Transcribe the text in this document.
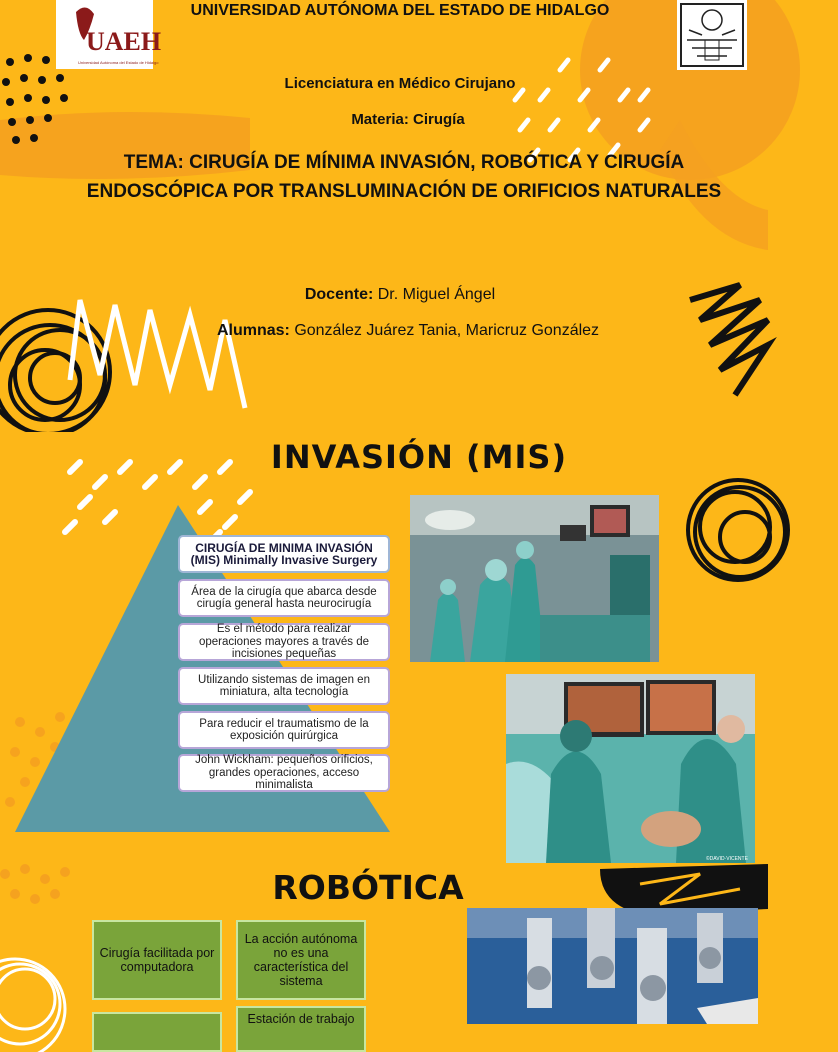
UAEH
Universidad Autónoma del Estado de Hidalgo
UNIVERSIDAD AUTÓNOMA DEL ESTADO DE HIDALGO
Licenciatura en Médico Cirujano
Materia: Cirugía
TEMA: CIRUGÍA DE MÍNIMA INVASIÓN, ROBÓTICA Y CIRUGÍA ENDOSCÓPICA POR TRANSLUMINACIÓN DE ORIFICIOS NATURALES
Docente: Dr. Miguel Ángel
Alumnas: González Juárez Tania, Maricruz González
INVASIÓN (MIS)
CIRUGÍA DE MINIMA INVASIÓN (MIS) Minimally Invasive Surgery
Área de la cirugía que abarca desde cirugía general hasta neurocirugía
Es el método para realizar operaciones mayores a través de incisiones pequeñas
Utilizando sistemas de imagen en miniatura, alta tecnología
Para reducir el traumatismo de la exposición quirúrgica
John Wickham: pequeños orificios, grandes operaciones, acceso minimalista
©DAVID·VICENTE
ROBÓTICA
Cirugía facilitada por computadora
La acción autónoma no es una característica del sistema
Estación de trabajo
